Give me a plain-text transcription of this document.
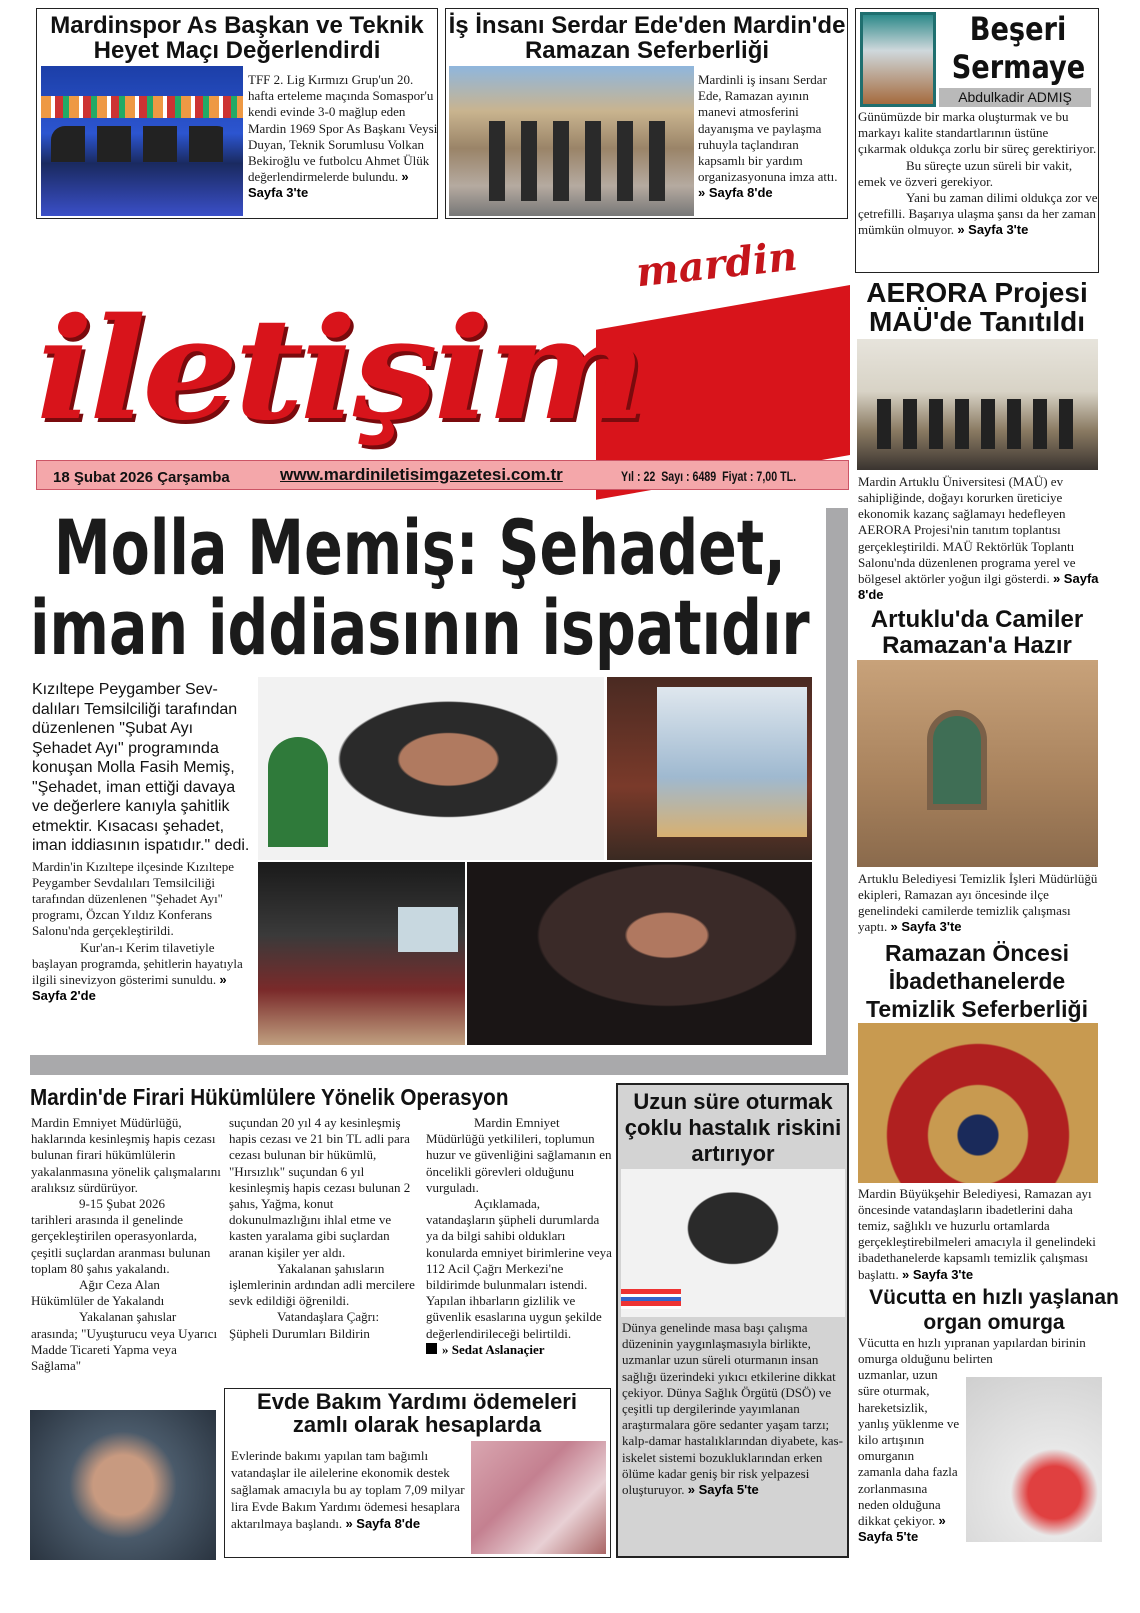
Mardinspor As Başkan ve Teknik Heyet Maçı Değerlendirdi
TFF 2. Lig Kırmızı Grup'un 20. hafta erteleme maçında Somaspor'u kendi evinde 3-0 mağlup eden Mardin 1969 Spor As Başkanı Veysi Duyan, Teknik Sorumlusu Volkan Bekiroğlu ve futbolcu Ahmet Ülük değerlendirmelerde bulundu. » Sayfa 3'te
İş İnsanı Serdar Ede'den Mardin'de Ramazan Seferberliği
Mardinli iş insanı Serdar Ede, Ramazan ayının manevi atmosferini dayanışma ve paylaşma ruhuyla taçlandıran kapsamlı bir yardım organizasyonuna imza attı. » Sayfa 8'de
Beşeri
Sermaye
Abdulkadir ADMIŞ

Günümüzde bir marka oluşturmak ve bu markayı kalite standartlarının üstüne çıkarmak oldukça zorlu bir süreç gerektiriyor.

Bu süreçte uzun süreli bir vakit, emek ve özveri gerekiyor.

Yani bu zaman dilimi oldukça zor ve çetrefilli. Başarıya ulaşma şansı da her zaman mümkün olmuyor. » Sayfa 3'te

mardin
iletişim
18 Şubat 2026 Çarşamba	www.mardiniletisimgazetesi.com.tr	Yıl : 22  Sayı : 6489  Fiyat : 7,00 TL.
Molla Memiş: Şehadet,
iman iddiasının ispatıdır
Kızıltepe Peygamber Sevdalıları Temsilciliği tarafından düzenlenen "Şubat Ayı Şehadet Ayı" programında konuşan Molla Fasih Memiş, "Şehadet, iman ettiği davaya ve değerlere kanıyla şahitlik etmektir. Kısacası şehadet, iman iddiasının ispatıdır." dedi.

Mardin'in Kızıltepe ilçesinde Kızıltepe Peygamber Sevdalıları Temsilciliği tarafından düzenlenen "Şehadet Ayı" programı, Özcan Yıldız Konferans Salonu'nda gerçekleştirildi.

Kur'an-ı Kerim tilavetiyle başlayan programda, şehitlerin hayatıyla ilgili sinevizyon gösterimi sunuldu. » Sayfa 2'de

AERORA Projesi MAÜ'de Tanıtıldı
Mardin Artuklu Üniversitesi (MAÜ) ev sahipliğinde, doğayı korurken üreticiye ekonomik kazanç sağlamayı hedefleyen AERORA Projesi'nin tanıtım toplantısı gerçekleştirildi. MAÜ Rektörlük Toplantı Salonu'nda düzenlenen programa yerel ve bölgesel aktörler yoğun ilgi gösterdi. » Sayfa 8'de
Artuklu'da Camiler Ramazan'a Hazır
Artuklu Belediyesi Temizlik İşleri Müdürlüğü ekipleri, Ramazan ayı öncesinde ilçe genelindeki camilerde temizlik çalışması yaptı. » Sayfa 3'te
Ramazan Öncesi İbadethanelerde Temizlik Seferberliği
Mardin Büyükşehir Belediyesi, Ramazan ayı öncesinde vatandaşların ibadetlerini daha temiz, sağlıklı ve huzurlu ortamlarda gerçekleştirebilmeleri amacıyla il genelindeki ibadethanelerde kapsamlı temizlik çalışması başlattı. » Sayfa 3'te
Vücutta en hızlı yaşlanan organ omurga
Vücutta en hızlı yıpranan yapılardan birinin omurga olduğunu belirten
uzmanlar, uzun süre oturmak, hareketsizlik, yanlış yüklenme ve kilo artışının omurganın zamanla daha fazla zorlanmasına neden olduğuna dikkat çekiyor. » Sayfa 5'te
Mardin'de Firari Hükümlülere Yönelik Operasyon

Mardin Emniyet Müdürlüğü, haklarında kesinleşmiş hapis cezası bulunan firari hükümlülerin yakalanmasına yönelik çalışmalarını aralıksız sürdürüyor.

9-15 Şubat 2026

tarihleri arasında il genelinde gerçekleştirilen operasyonlarda, çeşitli suçlardan aranması bulunan toplam 80 şahıs yakalandı.

Ağır Ceza Alan

Hükümlüler de Yakalandı

Yakalanan şahıslar

arasında; "Uyuşturucu veya Uyarıcı Madde Ticareti Yapma veya Sağlama"

suçundan 20 yıl 4 ay kesinleşmiş hapis cezası ve 21 bin TL adli para cezası bulunan bir hükümlü, "Hırsızlık" suçundan 6 yıl kesinleşmiş hapis cezası bulunan 2 şahıs, Yağma, konut dokunulmazlığını ihlal etme ve kasten yaralama gibi suçlardan aranan kişiler yer aldı.

Yakalanan şahısların işlemlerinin ardından adli mercilere sevk edildiği öğrenildi.

Vatandaşlara Çağrı:

Şüpheli Durumları Bildirin

Mardin Emniyet

Müdürlüğü yetkilileri, toplumun huzur ve güvenliğini sağlamanın en öncelikli görevleri olduğunu vurguladı.

Açıklamada,

vatandaşların şüpheli durumlarda ya da bilgi sahibi oldukları konularda emniyet birimlerine veya 112 Acil Çağrı Merkezi'ne bildirimde bulunmaları istendi. Yapılan ihbarların gizlilik ve güvenlik esaslarına uygun şekilde değerlendirileceği belirtildi.

» Sedat Aslanaçier

Evde Bakım Yardımı ödemeleri zamlı olarak hesaplarda
Evlerinde bakımı yapılan tam bağımlı vatandaşlar ile ailelerine ekonomik destek sağlamak amacıyla bu ay toplam 7,09 milyar lira Evde Bakım Yardımı ödemesi hesaplara aktarılmaya başlandı. » Sayfa 8'de
Uzun süre oturmak çoklu hastalık riskini artırıyor
Dünya genelinde masa başı çalışma düzeninin yaygınlaşmasıyla birlikte, uzmanlar uzun süreli oturmanın insan sağlığı üzerindeki yıkıcı etkilerine dikkat çekiyor. Dünya Sağlık Örgütü (DSÖ) ve çeşitli tıp dergilerinde yayımlanan araştırmalara göre sedanter yaşam tarzı; kalp-damar hastalıklarından diyabete, kas-iskelet sistemi bozukluklarından erken ölüme kadar geniş bir risk yelpazesi oluşturuyor. » Sayfa 5'te
